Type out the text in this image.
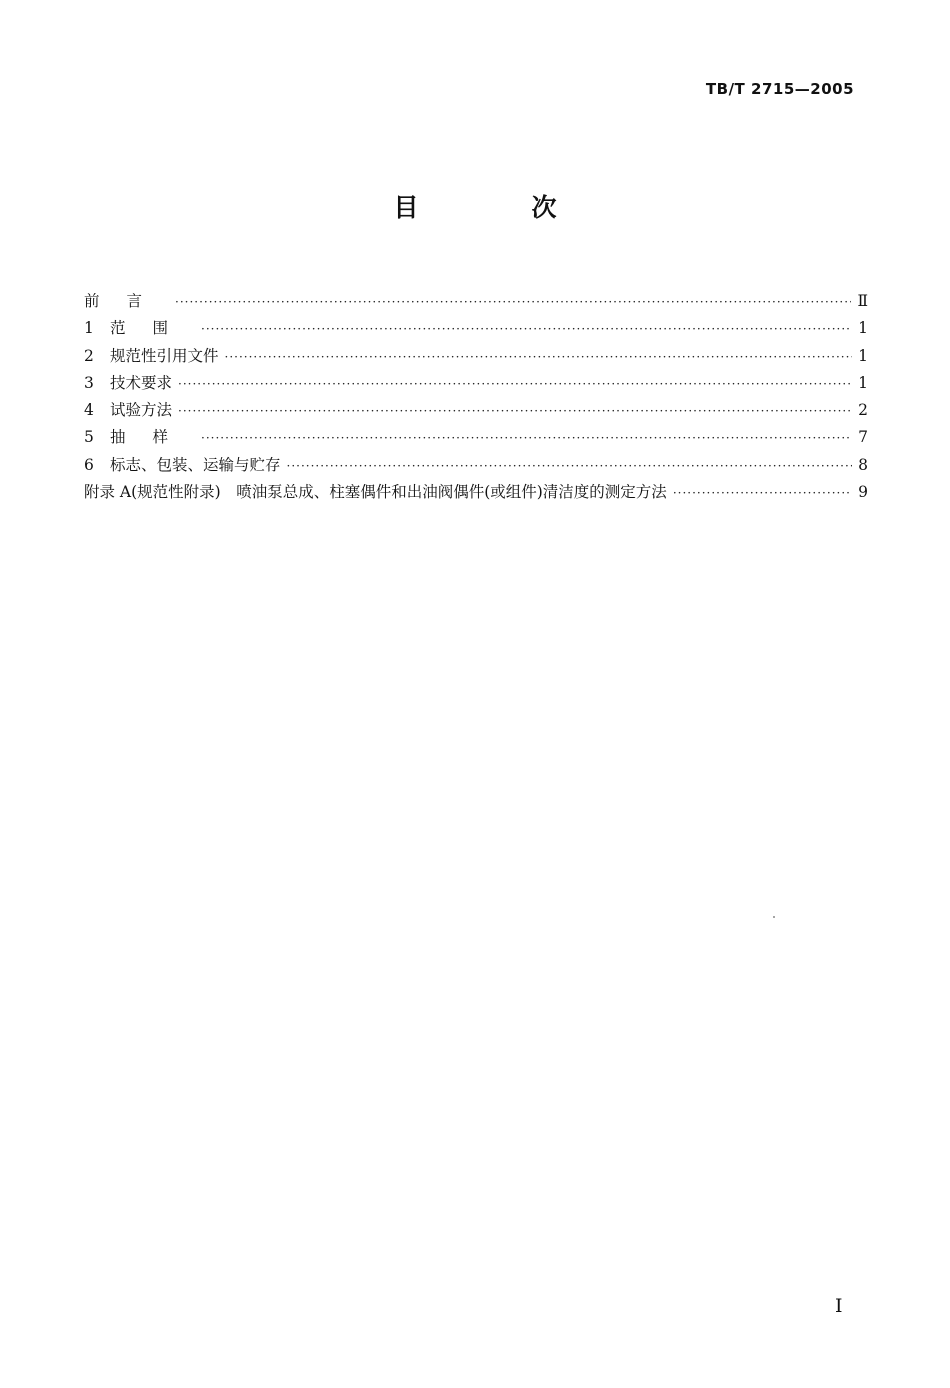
TB/T 2715—2005
目　次
前言 ·····	Ⅱ
1	范围 ·····	1
2	规范性引用文件 ·····	1
3	技术要求 ·····	1
4	试验方法 ·····	2
5	抽样 ·····	7
6	标志、包装、运输与贮存 ·····	8
附录 A(规范性附录)　喷油泵总成、柱塞偶件和出油阀偶件(或组件)清洁度的测定方法 ·····	9
Ⅰ
